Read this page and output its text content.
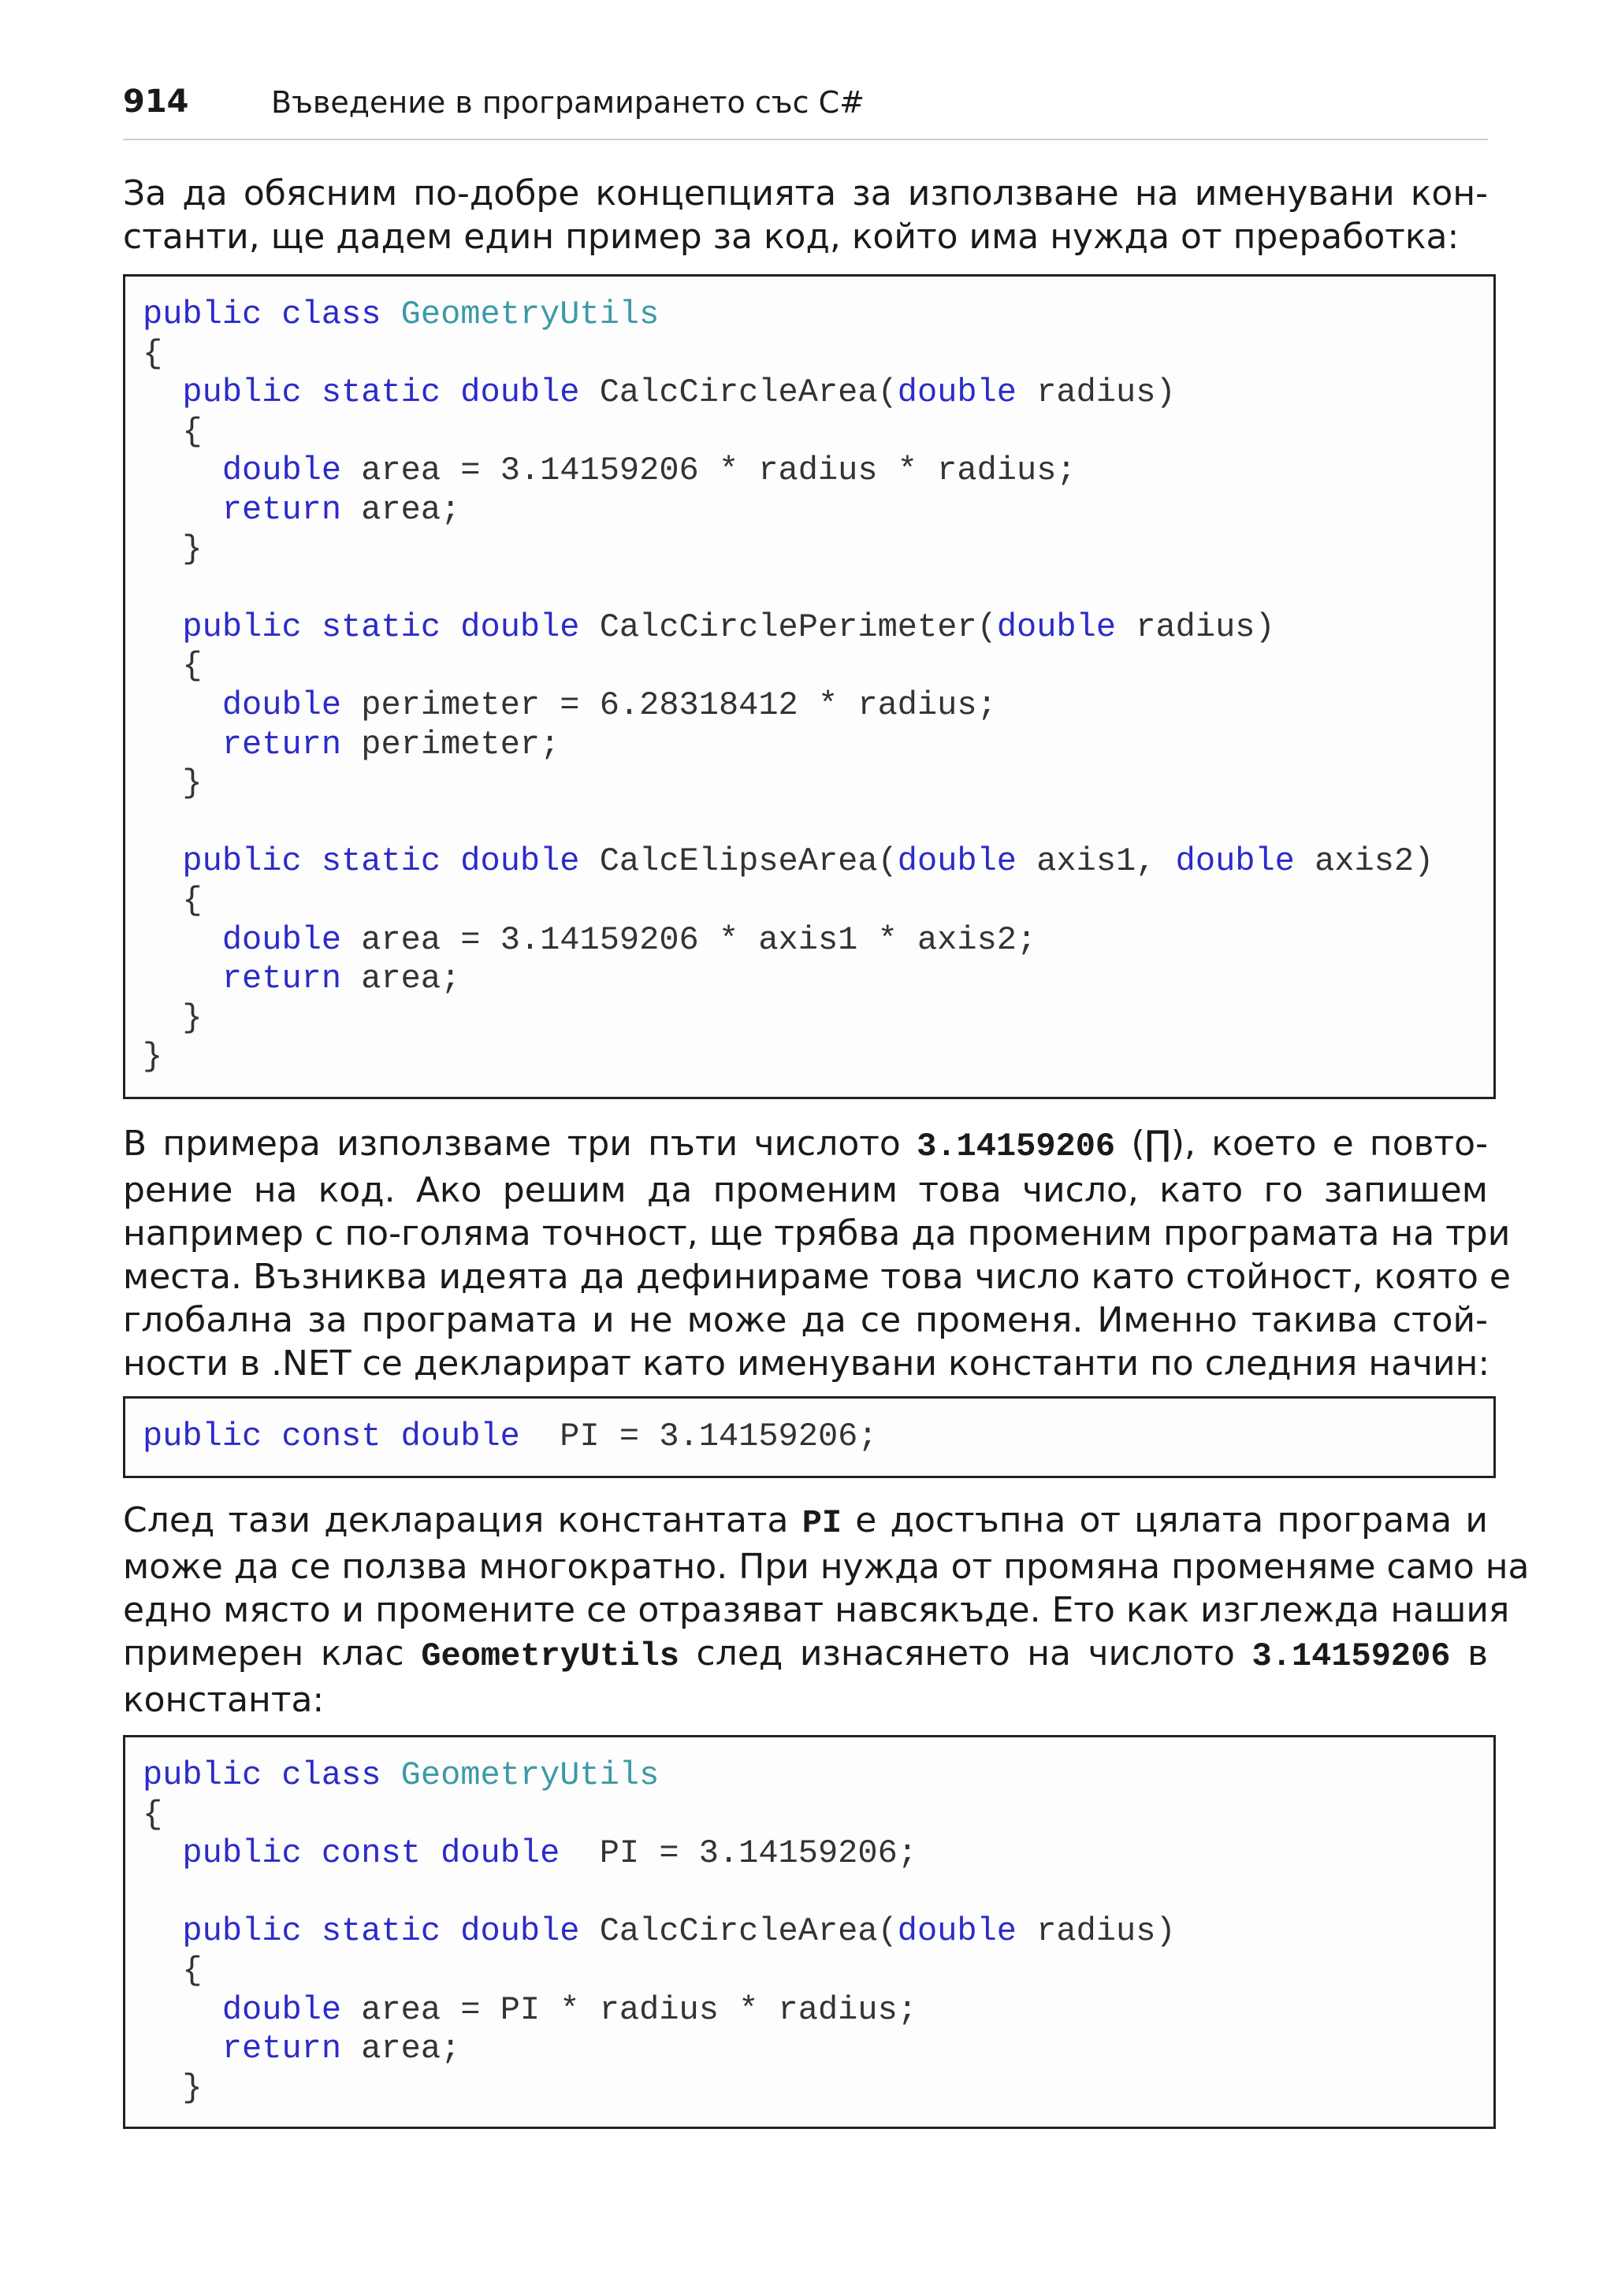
914	Въведение в програмирането със C#
За да обясним по-добре концепцията за използване на именувани кон-
станти, ще дадем един пример за код, който има нужда от преработка:
public class GeometryUtils
{
public static double CalcCircleArea(double radius)
{
double area = 3.14159206 * radius * radius;
return area;
}

public static double CalcCirclePerimeter(double radius)
{
double perimeter = 6.28318412 * radius;
return perimeter;
}

public static double CalcElipseArea(double axis1, double axis2)
{
double area = 3.14159206 * axis1 * axis2;
return area;
}
}

В примера използваме три пъти числото 3.14159206 (∏), което е повто-
рение на код. Ако решим да променим това число, като го запишем
например с по-голяма точност, ще трябва да променим програмата на три
места. Възниква идеята да дефинираме това число като стойност, която е
глобална за програмата и не може да се променя. Именно такива стой-
ности в .NET се декларират като именувани константи по следния начин:
public const double  PI = 3.14159206;

След тази декларация константата PI е достъпна от цялата програма и
може да се ползва многократно. При нужда от промяна променяме само на
едно място и промените се отразяват навсякъде. Ето как изглежда нашия
примерен клас GeometryUtils след изнасянето на числото 3.14159206 в
константа:
public class GeometryUtils
{
public const double  PI = 3.14159206;

public static double CalcCircleArea(double radius)
{
double area = PI * radius * radius;
return area;
}
